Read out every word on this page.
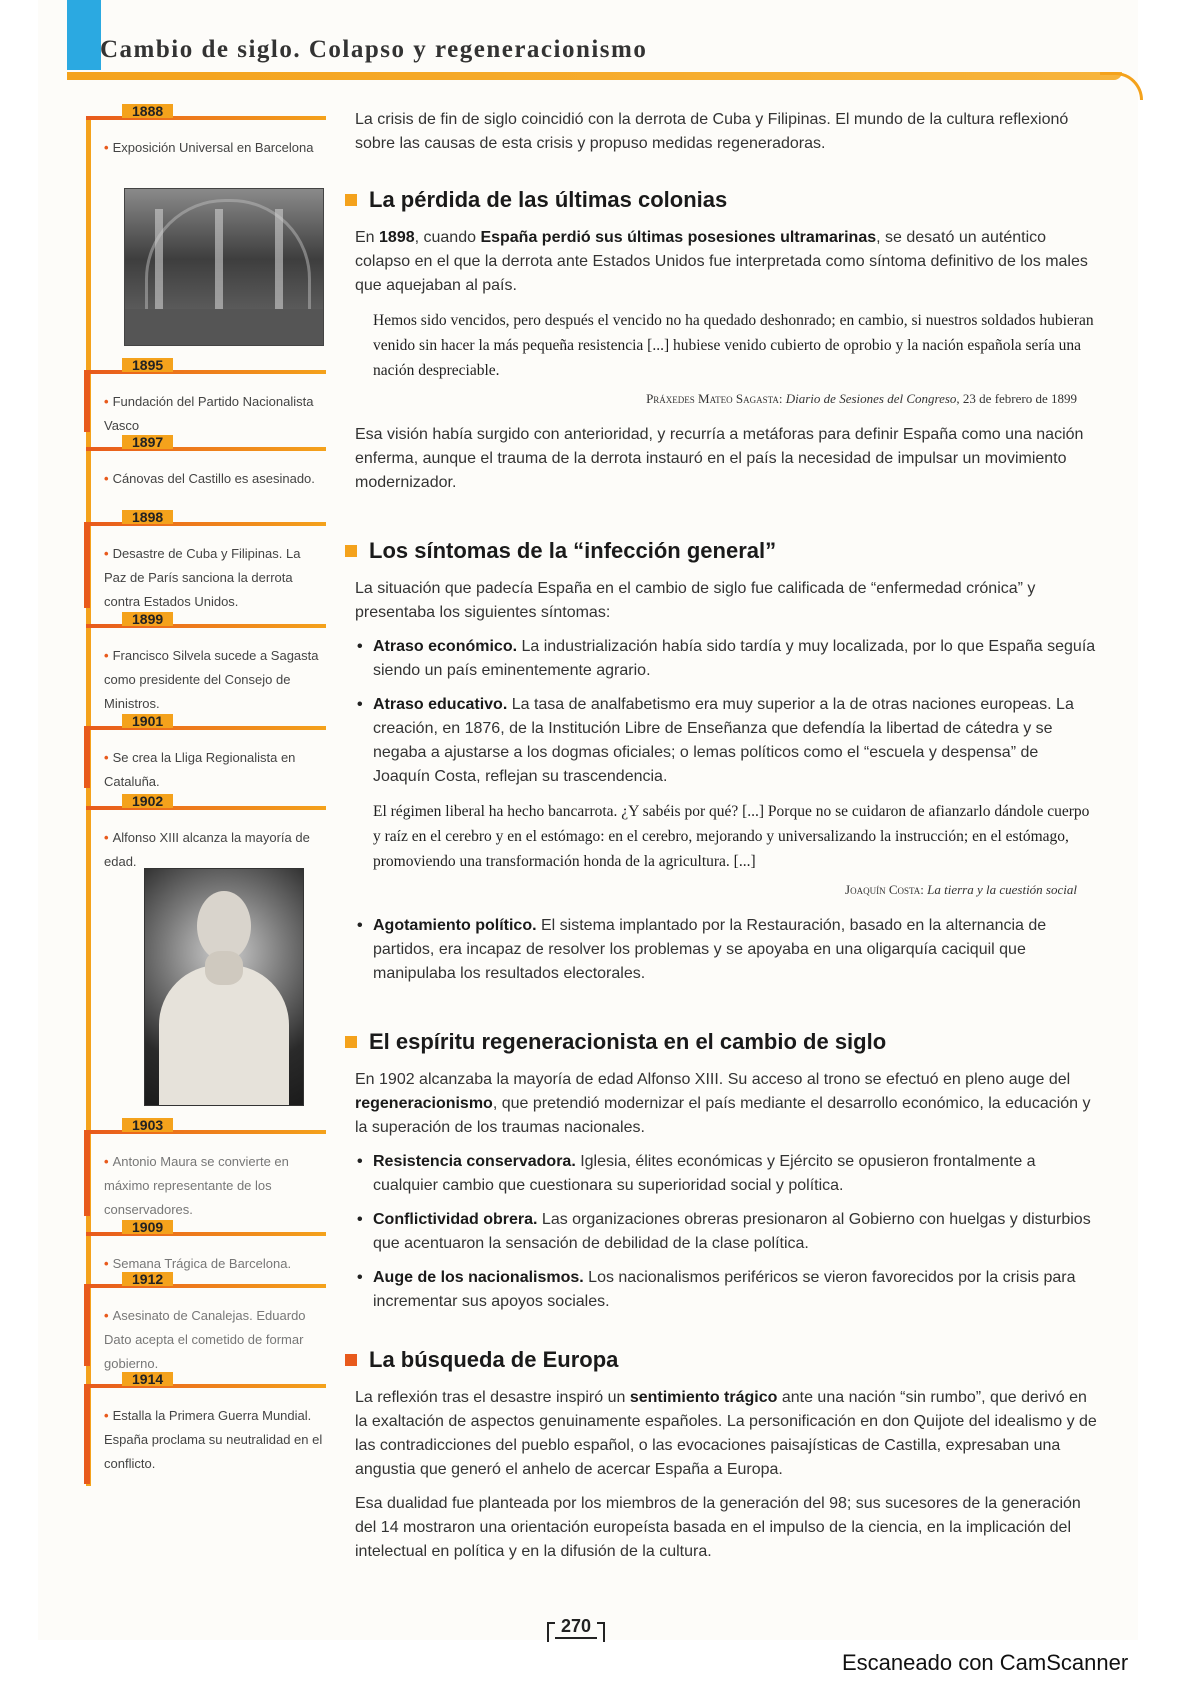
Cambio de siglo. Colapso y regeneracionismo
1888
• Exposición Universal en Barcelona
1895
• Fundación del Partido Nacionalista Vasco
1897
• Cánovas del Castillo es asesinado.
1898
• Desastre de Cuba y Filipinas. La Paz de París sanciona la derrota contra Estados Unidos.
1899
• Francisco Silvela sucede a Sagasta como presidente del Consejo de Ministros.
1901
• Se crea la Lliga Regionalista en Cataluña.
1902
• Alfonso XIII alcanza la mayoría de edad.
1903
• Antonio Maura se convierte en máximo representante de los conservadores.
1909
• Semana Trágica de Barcelona.
1912
• Asesinato de Canalejas. Eduardo Dato acepta el cometido de formar gobierno.
1914
• Estalla la Primera Guerra Mundial. España proclama su neutralidad en el conflicto.

La crisis de fin de siglo coincidió con la derrota de Cuba y Filipinas. El mundo de la cultura reflexionó sobre las causas de esta crisis y propuso medidas regeneradoras.

La pérdida de las últimas colonias

En 1898, cuando España perdió sus últimas posesiones ultramarinas, se desató un auténtico colapso en el que la derrota ante Estados Unidos fue interpretada como síntoma definitivo de los males que aquejaban al país.

Hemos sido vencidos, pero después el vencido no ha quedado deshonrado; en cambio, si nuestros soldados hubieran venido sin hacer la más pequeña resistencia [...] hubiese venido cubierto de oprobio y la nación española sería una nación despreciable.

Práxedes Mateo Sagasta: Diario de Sesiones del Congreso, 23 de febrero de 1899

Esa visión había surgido con anterioridad, y recurría a metáforas para definir España como una nación enferma, aunque el trauma de la derrota instauró en el país la necesidad de impulsar un movimiento modernizador.

Los síntomas de la “infección general”

La situación que padecía España en el cambio de siglo fue calificada de “enfermedad crónica” y presentaba los siguientes síntomas:

• Atraso económico. La industrialización había sido tardía y muy localizada, por lo que España seguía siendo un país eminentemente agrario.
• Atraso educativo. La tasa de analfabetismo era muy superior a la de otras naciones europeas. La creación, en 1876, de la Institución Libre de Enseñanza que defendía la libertad de cátedra y se negaba a ajustarse a los dogmas oficiales; o lemas políticos como el “escuela y despensa” de Joaquín Costa, reflejan su trascendencia.

El régimen liberal ha hecho bancarrota. ¿Y sabéis por qué? [...] Porque no se cuidaron de afianzarlo dándole cuerpo y raíz en el cerebro y en el estómago: en el cerebro, mejorando y universalizando la instrucción; en el estómago, promoviendo una transformación honda de la agricultura. [...]

Joaquín Costa: La tierra y la cuestión social

• Agotamiento político. El sistema implantado por la Restauración, basado en la alternancia de partidos, era incapaz de resolver los problemas y se apoyaba en una oligarquía caciquil que manipulaba los resultados electorales.
El espíritu regeneracionista en el cambio de siglo

En 1902 alcanzaba la mayoría de edad Alfonso XIII. Su acceso al trono se efectuó en pleno auge del regeneracionismo, que pretendió modernizar el país mediante el desarrollo económico, la educación y la superación de los traumas nacionales.

• Resistencia conservadora. Iglesia, élites económicas y Ejército se opusieron frontalmente a cualquier cambio que cuestionara su superioridad social y política.
• Conflictividad obrera. Las organizaciones obreras presionaron al Gobierno con huelgas y disturbios que acentuaron la sensación de debilidad de la clase política.
• Auge de los nacionalismos. Los nacionalismos periféricos se vieron favorecidos por la crisis para incrementar sus apoyos sociales.
La búsqueda de Europa

La reflexión tras el desastre inspiró un sentimiento trágico ante una nación “sin rumbo”, que derivó en la exaltación de aspectos genuinamente españoles. La personificación en don Quijote del idealismo y de las contradicciones del pueblo español, o las evocaciones paisajísticas de Castilla, expresaban una angustia que generó el anhelo de acercar España a Europa.

Esa dualidad fue planteada por los miembros de la generación del 98; sus sucesores de la generación del 14 mostraron una orientación europeísta basada en el impulso de la ciencia, en la implicación del intelectual en política y en la difusión de la cultura.

270
Escaneado con CamScanner
